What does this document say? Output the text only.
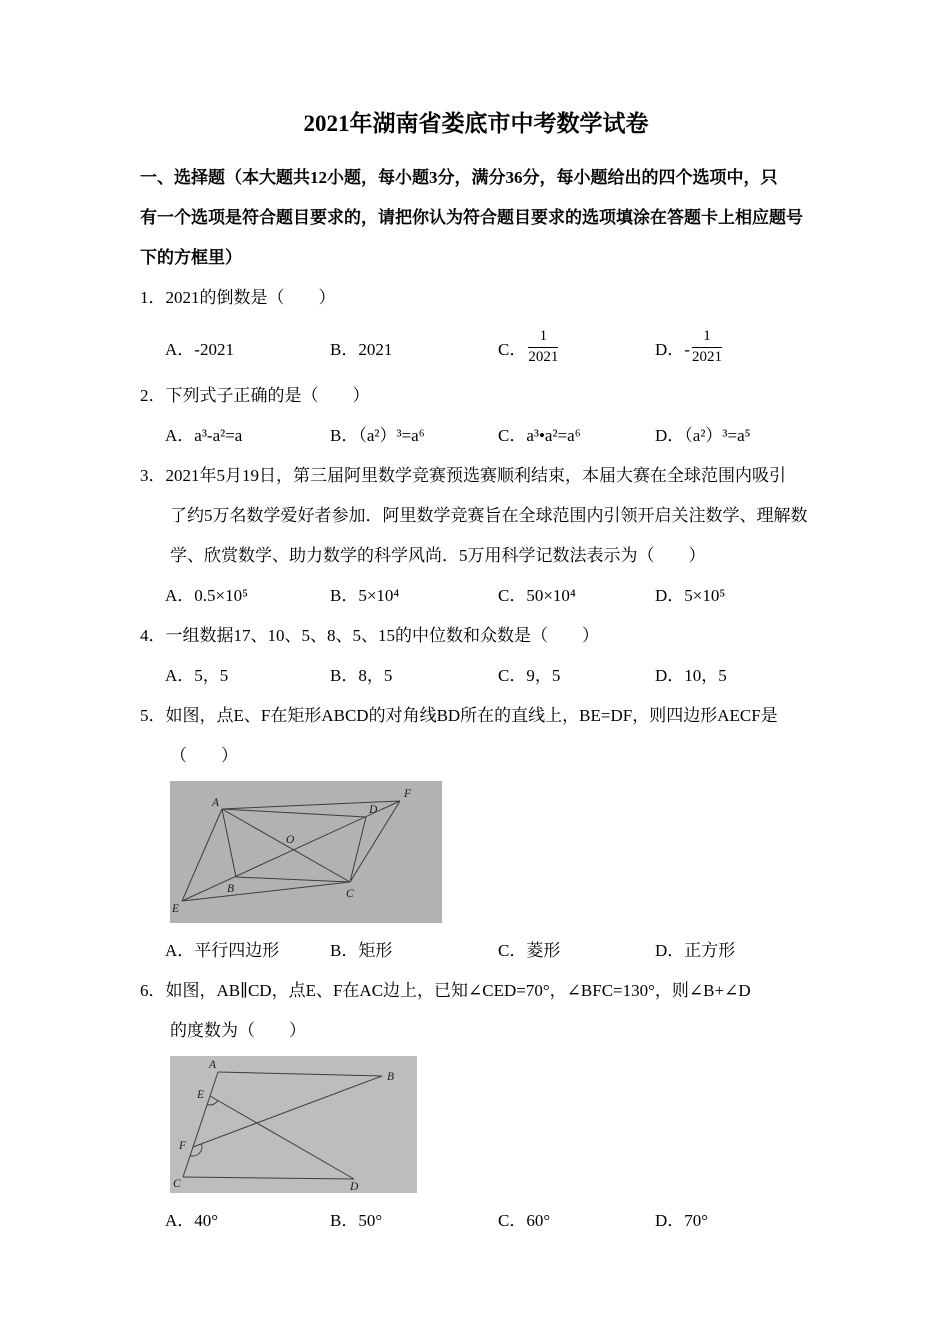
2021年湖南省娄底市中考数学试卷
一、选择题（本大题共12小题，每小题3分，满分36分，每小题给出的四个选项中，只
有一个选项是符合题目要求的，请把你认为符合题目要求的选项填涂在答题卡上相应题号
下的方框里）
1．2021的倒数是（　　）
A．-2021	B．2021	C． $\frac{1}{2021}$	D．- $\frac{1}{2021}$
2．下列式子正确的是（　　）
A．a³-a²=a	B．（a²）³=a⁶	C．a³•a²=a⁶	D．（a²）³=a⁵
3．2021年5月19日，第三届阿里数学竞赛预选赛顺利结束，本届大赛在全球范围内吸引
了约5万名数学爱好者参加．阿里数学竞赛旨在全球范围内引领开启关注数学、理解数
学、欣赏数学、助力数学的科学风尚．5万用科学记数法表示为（　　）
A．0.5×10⁵	B．5×10⁴	C．50×10⁴	D．5×10⁵
4．一组数据17、10、5、8、5、15的中位数和众数是（　　）
A．5，5	B．8，5	C．9，5	D．10，5
5．如图，点E、F在矩形ABCD的对角线BD所在的直线上，BE=DF，则四边形AECF是
（　　）
A
B	C
D
E
F
O
A．平行四边形	B．矩形	C．菱形	D．正方形
6．如图，AB∥CD，点E、F在AC边上，已知∠CED=70°，∠BFC=130°，则∠B+∠D
的度数为（　　）
A
B
C	D
E
F
A．40°	B．50°	C．60°	D．70°
